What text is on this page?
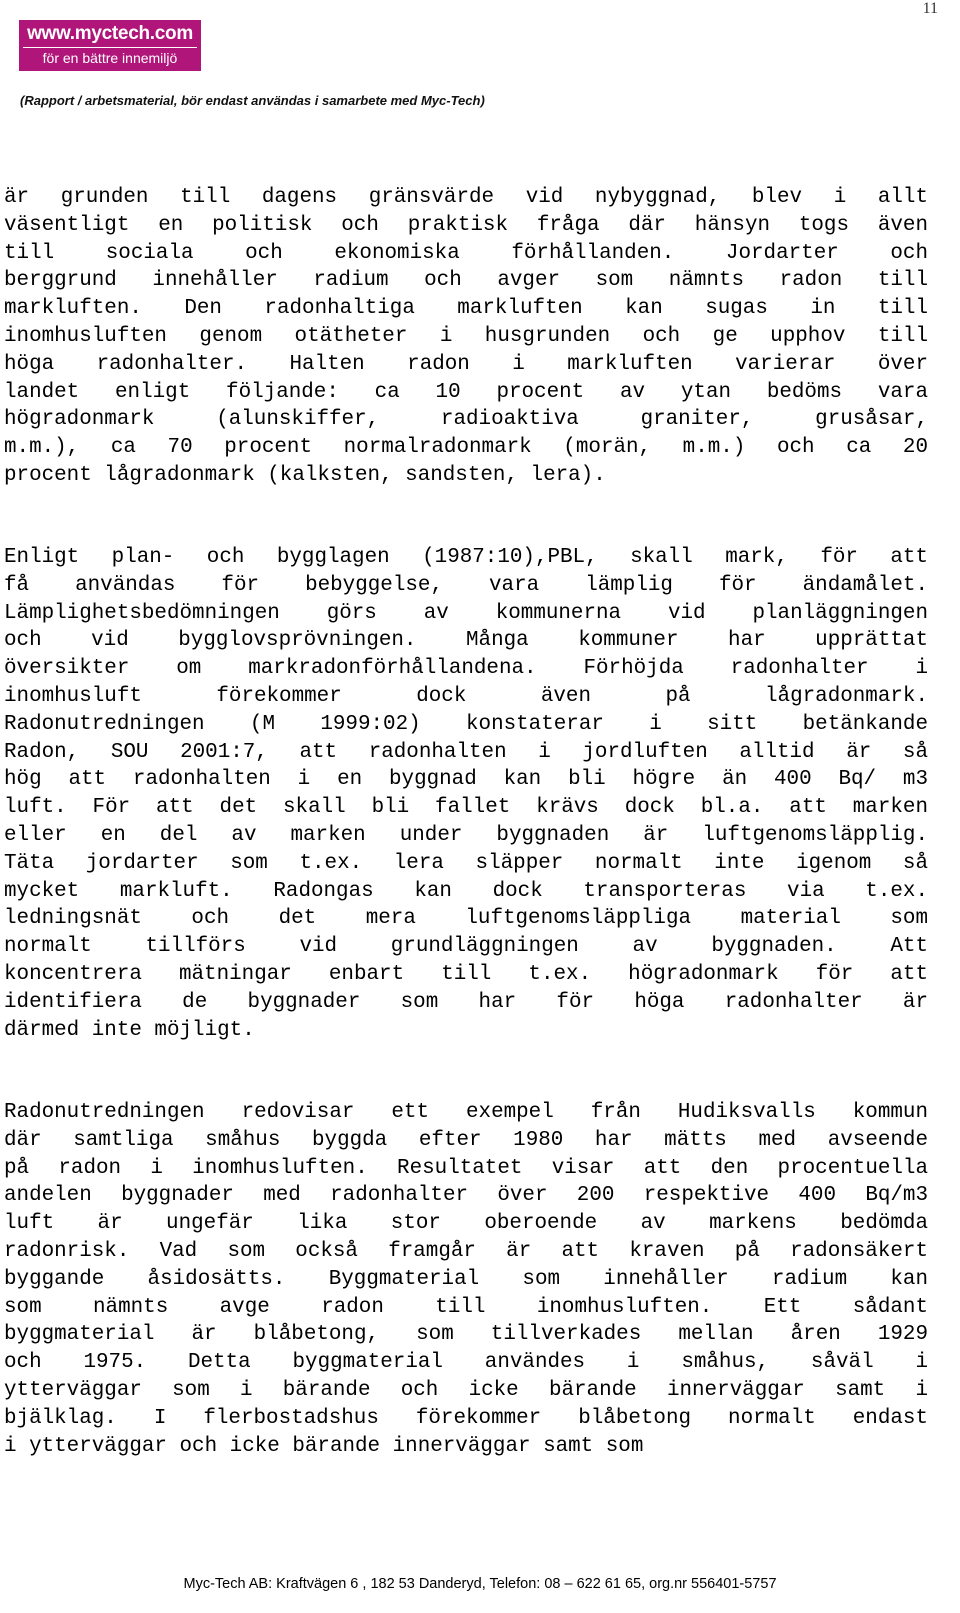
11
www.myctech.com
för en bättre innemiljö
(Rapport / arbetsmaterial, bör endast användas i samarbete med Myc-Tech)
är grunden till dagens gränsvärde vid nybyggnad, blev i allt
väsentligt en politisk och praktisk fråga där hänsyn togs även
till sociala och ekonomiska förhållanden. Jordarter och
berggrund innehåller radium och avger som nämnts radon till
markluften. Den radonhaltiga markluften kan sugas in till
inomhusluften genom otätheter i husgrunden och ge upphov till
höga radonhalter. Halten radon i markluften varierar över
landet enligt följande: ca 10 procent av ytan bedöms vara
högradonmark (alunskiffer, radioaktiva graniter, grusåsar,
m.m.), ca 70 procent normalradonmark (morän, m.m.) och ca 20
procent lågradonmark (kalksten, sandsten, lera).
Enligt plan- och bygglagen (1987:10),PBL, skall mark, för att
få användas för bebyggelse, vara lämplig för ändamålet.
Lämplighetsbedömningen görs av kommunerna vid planläggningen
och vid bygglovsprövningen. Många kommuner har upprättat
översikter om markradonförhållandena. Förhöjda radonhalter i
inomhusluft förekommer dock även på lågradonmark.
Radonutredningen (M 1999:02) konstaterar i sitt betänkande
Radon, SOU 2001:7, att radonhalten i jordluften alltid är så
hög att radonhalten i en byggnad kan bli högre än 400 Bq/ m3
luft. För att det skall bli fallet krävs dock bl.a. att marken
eller en del av marken under byggnaden är luftgenomsläpplig.
Täta jordarter som t.ex. lera släpper normalt inte igenom så
mycket markluft. Radongas kan dock transporteras via t.ex.
ledningsnät och det mera luftgenomsläppliga material som
normalt tillförs vid grundläggningen av byggnaden. Att
koncentrera mätningar enbart till t.ex. högradonmark för att
identifiera de byggnader som har för höga radonhalter är
därmed inte möjligt.
Radonutredningen redovisar ett exempel från Hudiksvalls kommun
där samtliga småhus byggda efter 1980 har mätts med avseende
på radon i inomhusluften. Resultatet visar att den procentuella
andelen byggnader med radonhalter över 200 respektive 400 Bq/m3
luft är ungefär lika stor oberoende av markens bedömda
radonrisk. Vad som också framgår är att kraven på radonsäkert
byggande åsidosätts. Byggmaterial som innehåller radium kan
som nämnts avge radon till inomhusluften. Ett sådant
byggmaterial är blåbetong, som tillverkades mellan åren 1929
och 1975. Detta byggmaterial användes i småhus, såväl i
ytterväggar som i bärande och icke bärande innerväggar samt i
bjälklag. I flerbostadshus förekommer blåbetong normalt endast
i ytterväggar och icke bärande innerväggar samt som
Myc-Tech AB: Kraftvägen 6 , 182 53 Danderyd, Telefon: 08 – 622 61 65, org.nr 556401-5757
